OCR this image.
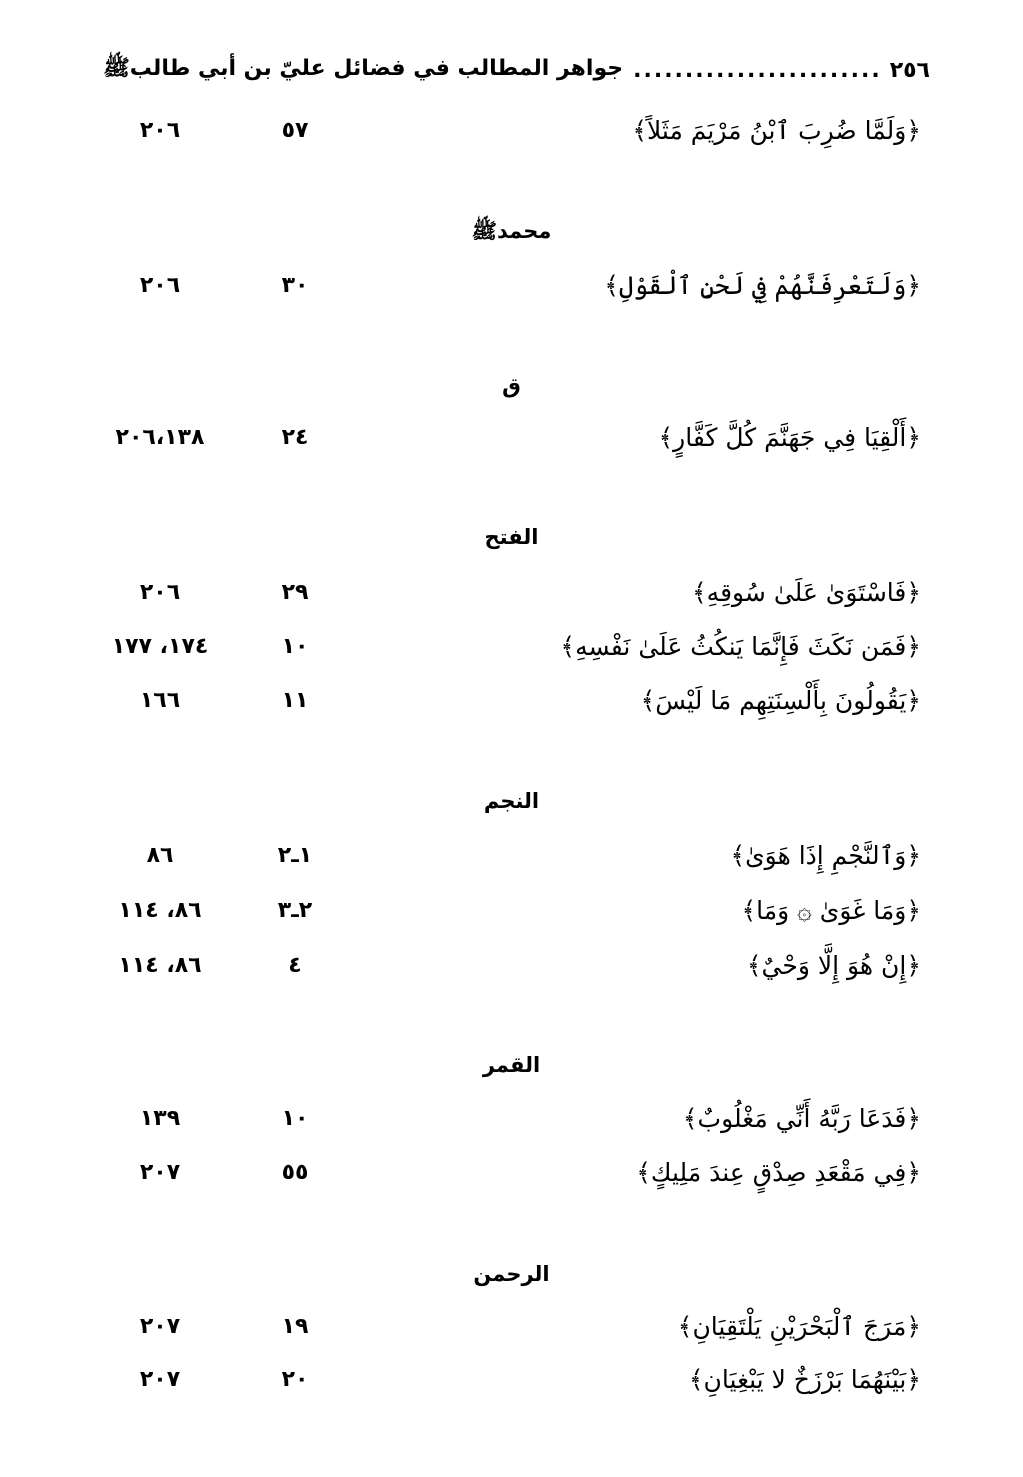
٢٥٦
........................
جواهر المطالب في فضائل عليّ بن أبي طالبﷺ
﴿وَلَمَّا ضُرِبَ ٱبْنُ مَرْيَمَ مَثَلاً﴾
٥٧
٢٠٦
محمدﷺ
﴿وَلَتَعْرِفَنَّهُمْ فِي لَحْنِ ٱلْقَوْلِ﴾
٣٠
٢٠٦
ق
﴿أَلْقِيَا فِي جَهَنَّمَ كُلَّ كَفَّارٍ﴾
٢٤
٢٠٦،١٣٨
الفتح
﴿فَاسْتَوَىٰ عَلَىٰ سُوقِهِ﴾
٢٩
٢٠٦
﴿فَمَن نَكَثَ فَإِنَّمَا يَنكُثُ عَلَىٰ نَفْسِهِ﴾
١٠
١٧٤، ١٧٧
﴿يَقُولُونَ بِأَلْسِنَتِهِم مَا لَيْسَ﴾
١١
١٦٦
النجم
﴿وَٱلنَّجْمِ إِذَا هَوَىٰ﴾
١ـ٢
٨٦
﴿وَمَا غَوَىٰ ۞ وَمَا﴾
٢ـ٣
٨٦، ١١٤
﴿إِنْ هُوَ إِلَّا وَحْيٌ﴾
٤
٨٦، ١١٤
القمر
﴿فَدَعَا رَبَّهُ أَنِّي مَغْلُوبٌ﴾
١٠
١٣٩
﴿فِي مَقْعَدِ صِدْقٍ عِندَ مَلِيكٍ﴾
٥٥
٢٠٧
الرحمن
﴿مَرَجَ ٱلْبَحْرَيْنِ يَلْتَقِيَانِ﴾
١٩
٢٠٧
﴿بَيْنَهُمَا بَرْزَخٌ لا يَبْغِيَانِ﴾
٢٠
٢٠٧
